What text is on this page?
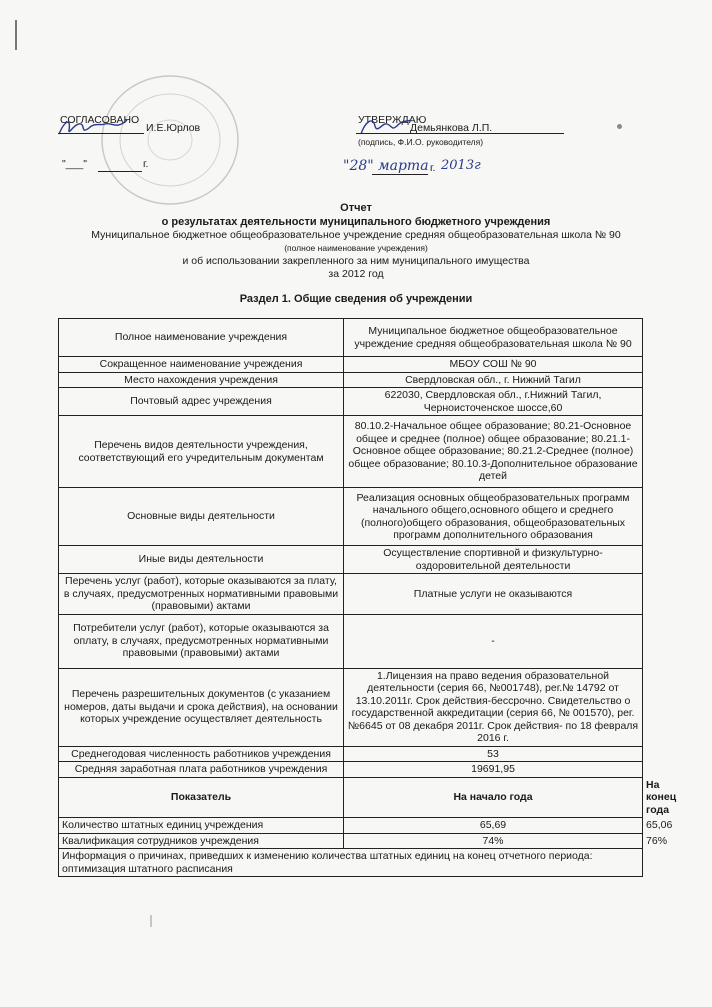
СОГЛАСОВАНО
И.Е.Юрлов
"___"	г.
УТВЕРЖДАЮ
Демьянкова Л.П.
(подпись, Ф.И.О. руководителя)
"28" марта г. 2013г
Отчет
о результатах деятельности муниципального бюджетного учреждения
Муниципальное бюджетное общеобразовательное учреждение средняя общеобразовательная школа № 90
(полное наименование учреждения)
и об использовании закрепленного за ним муниципального имущества
за 2012 год
Раздел 1. Общие сведения об учреждении
Полное наименование учреждения	Муниципальное бюджетное общеобразовательное учреждение средняя общеобразовательная школа № 90	
Сокращенное наименование учреждения	МБОУ СОШ № 90	
Место нахождения учреждения	Свердловская обл., г. Нижний Тагил	
Почтовый адрес учреждения	622030, Свердловская обл., г.Нижний Тагил, Черноисточенское шоссе,60	
Перечень видов деятельности учреждения, соответствующий его учредительным документам	80.10.2-Начальное общее образование; 80.21-Основное общее и среднее (полное) общее образование; 80.21.1-Основное общее образование; 80.21.2-Среднее (полное) общее образование; 80.10.3-Дополнительное образование детей	
Основные виды деятельности	Реализация основных общеобразовательных программ начального общего,основного общего и среднего (полного)общего образования, общеобразовательных программ дополнительного образования	
Иные виды деятельности	Осуществление спортивной и физкультурно-оздоровительной деятельности	
Перечень услуг (работ), которые оказываются за плату, в случаях, предусмотренных нормативными правовыми (правовыми) актами	Платные услуги не оказываются	
Потребители услуг (работ), которые оказываются за оплату, в случаях, предусмотренных нормативными правовыми (правовыми) актами	-	
Перечень разрешительных документов (с указанием номеров, даты выдачи и срока действия), на основании которых учреждение осуществляет деятельность	1.Лицензия на право ведения образовательной деятельности (серия 66, №001748), рег.№ 14792 от 13.10.2011г. Срок действия-бессрочно. Свидетельство о государственной аккредитации (серия 66, № 001570), рег.№6645 от 08 декабря 2011г. Срок действия- по 18 февраля 2016 г.	
Среднегодовая численность работников учреждения	53	
Средняя заработная плата работников учреждения	19691,95	
Показатель	На начало года	На конец года
Количество штатных единиц учреждения	65,69	65,06
Квалификация сотрудников учреждения	74%	76%
Информация о причинах, приведших к изменению количества штатных единиц на конец отчетного периода: оптимизация штатного расписания		
